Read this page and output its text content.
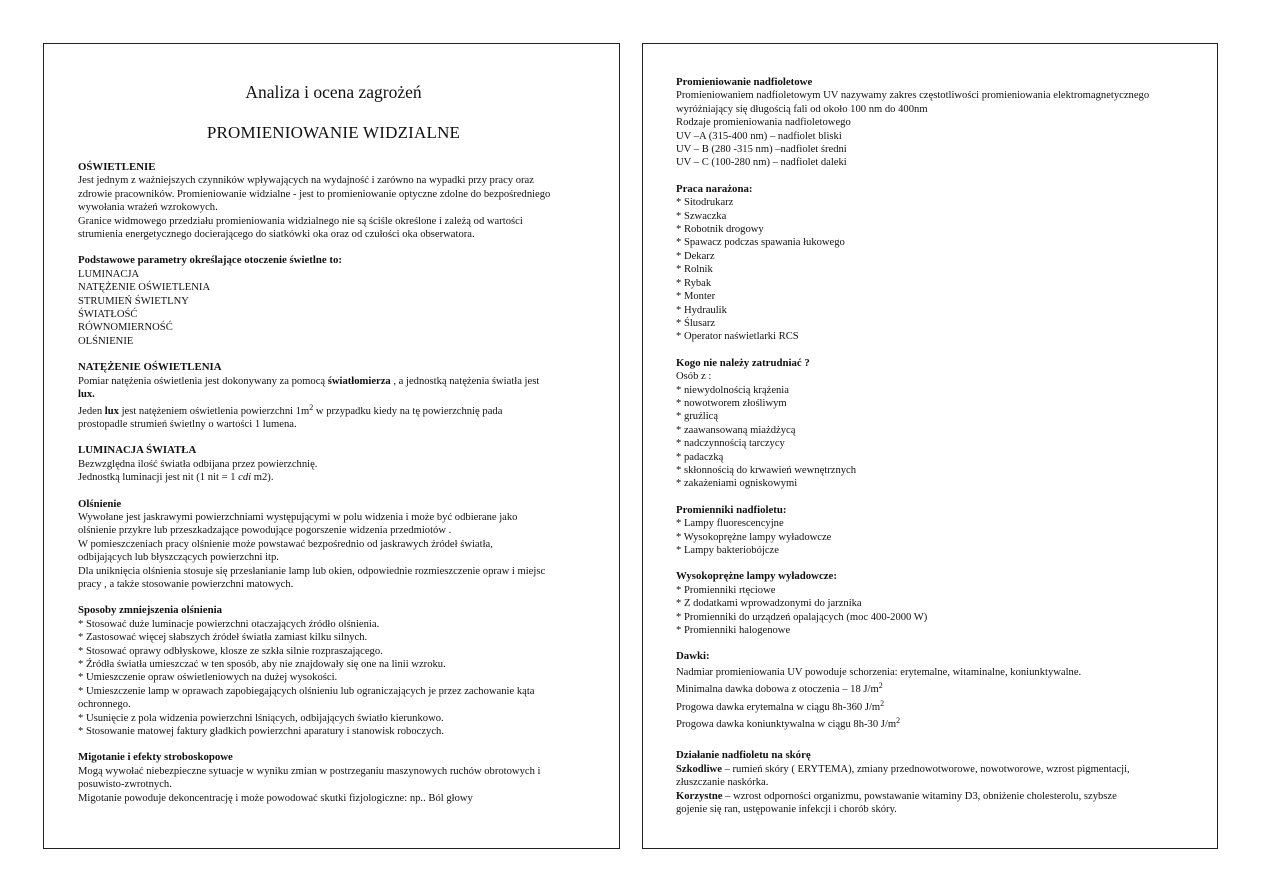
Analiza i ocena zagrożeń
PROMIENIOWANIE WIDZIALNE
OŚWIETLENIE
Jest jednym z ważniejszych czynników wpływających na wydajność i zarówno na wypadki przy pracy oraz
zdrowie pracowników. Promieniowanie widzialne - jest to promieniowanie optyczne zdolne do bezpośredniego
wywołania wrażeń wzrokowych.
Granice widmowego przedziału promieniowania widzialnego nie są ściśle określone i zależą od wartości
strumienia energetycznego docierającego do siatkówki oka oraz od czułości oka obserwatora.
Podstawowe parametry określające otoczenie świetlne to:
LUMINACJA
NATĘŻENIE OŚWIETLENIA
STRUMIEŃ ŚWIETLNY
ŚWIATŁOŚĆ
RÓWNOMIERNOŚĆ
OLŚNIENIE
NATĘŻENIE OŚWIETLENIA
Pomiar natężenia oświetlenia jest dokonywany za pomocą światłomierza , a jednostką natężenia światła jest
lux.
Jeden lux jest natężeniem oświetlenia powierzchni $1m^2$ w przypadku kiedy na tę powierzchnię pada
prostopadle strumień świetlny o wartości 1 lumena.
LUMINACJA ŚWIATŁA
Bezwzględna ilość światła odbijana przez powierzchnię.
Jednostką luminacji jest nit (1 nit = 1 cdi m2).
Olśnienie
Wywołane jest jaskrawymi powierzchniami występującymi w polu widzenia i może być odbierane jako
olśnienie przykre lub przeszkadzające powodujące pogorszenie widzenia przedmiotów .
W pomieszczeniach pracy olśnienie może powstawać bezpośrednio od jaskrawych źródeł światła,
odbijających lub błyszczących powierzchni itp.
Dla uniknięcia olśnienia stosuje się przesłanianie lamp lub okien, odpowiednie rozmieszczenie opraw i miejsc
pracy , a także stosowanie powierzchni matowych.
Sposoby zmniejszenia olśnienia
* Stosować duże luminacje powierzchni otaczających źródło olśnienia.
* Zastosować więcej słabszych źródeł światła zamiast kilku silnych.
* Stosować oprawy odbłyskowe, klosze ze szkła silnie rozpraszającego.
* Źródła światła umieszczać w ten sposób, aby nie znajdowały się one na linii wzroku.
* Umieszczenie opraw oświetleniowych na dużej wysokości.
* Umieszczenie lamp w oprawach zapobiegających olśnieniu lub ograniczających je przez zachowanie kąta
ochronnego.
* Usunięcie z pola widzenia powierzchni lśniących, odbijających światło kierunkowo.
* Stosowanie matowej faktury gładkich powierzchni aparatury i stanowisk roboczych.
Migotanie i efekty stroboskopowe
Mogą wywołać niebezpieczne sytuacje w wyniku zmian w postrzeganiu maszynowych ruchów obrotowych i
posuwisto-zwrotnych.
Migotanie powoduje dekoncentrację i może powodować skutki fizjologiczne: np.. Ból głowy
Promieniowanie nadfioletowe
Promieniowaniem nadfioletowym UV nazywamy zakres częstotliwości promieniowania elektromagnetycznego
wyróżniający się długością fali od około 100 nm do 400nm
Rodzaje promieniowania nadfioletowego
UV –A (315-400 nm) – nadfiolet bliski
UV – B (280 -315 nm) –nadfiolet średni
UV – C (100-280 nm) – nadfiolet daleki
Praca narażona:
* Sitodrukarz
* Szwaczka
* Robotnik drogowy
* Spawacz podczas spawania łukowego
* Dekarz
* Rolnik
* Rybak
* Monter
* Hydraulik
* Ślusarz
* Operator naświetlarki RCS
Kogo nie należy zatrudniać ?
Osób z :
* niewydolnością krążenia
* nowotworem złośliwym
* gruźlicą
* zaawansowaną miażdżycą
* nadczynnością tarczycy
* padaczką
* skłonnością do krwawień wewnętrznych
* zakażeniami ogniskowymi
Promienniki nadfioletu:
* Lampy fluorescencyjne
* Wysokoprężne lampy wyładowcze
* Lampy bakteriobójcze
Wysokoprężne lampy wyładowcze:
* Promienniki rtęciowe
* Z dodatkami wprowadzonymi do jarznika
* Promienniki do urządzeń opalających (moc 400-2000 W)
* Promienniki halogenowe
Dawki:
Nadmiar promieniowania UV powoduje schorzenia: erytemalne, witaminalne, koniunktywalne.
Minimalna dawka dobowa z otoczenia – 18 $J/m^2$
Progowa dawka erytemalna w ciągu 8h-360 $J/m^2$
Progowa dawka koniunktywalna w ciągu 8h-30 $J/m^2$
Działanie nadfioletu na skórę
Szkodliwe – rumień skóry ( ERYTEMA), zmiany przednowotworowe, nowotworowe, wzrost pigmentacji,
złuszczanie naskórka.
Korzystne – wzrost odporności organizmu, powstawanie witaminy D3, obniżenie cholesterolu, szybsze
gojenie się ran, ustępowanie infekcji i chorób skóry.
